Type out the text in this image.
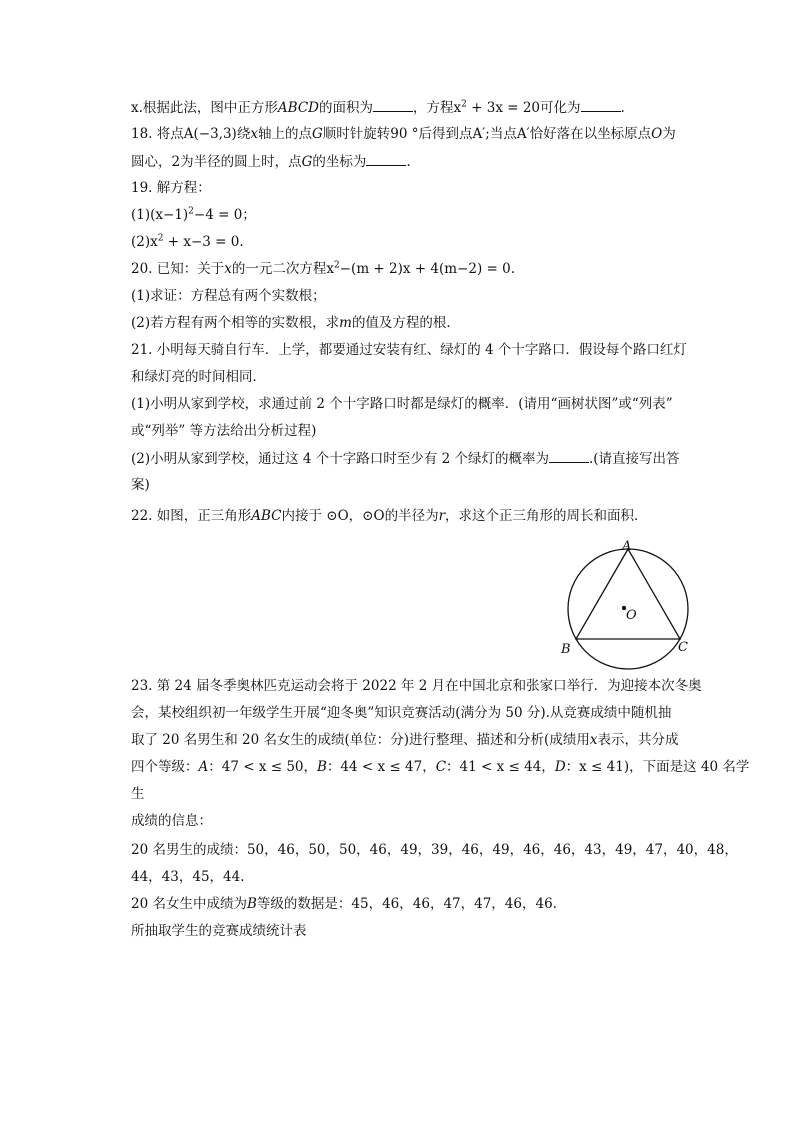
x.根据此法，图中正方形ABCD的面积为	，方程$x^2 + 3x = 20$可化为	.
18. 将点A(−3,3)绕x轴上的点G顺时针旋转90 °后得到点A′;当点A′恰好落在以坐标原点O为
圆心，2为半径的圆上时，点G的坐标为	.
19. 解方程：
$(1)(x-1)^2-4 = 0$；
$(2)x^2 + x-3 = 0$.
20. 已知：关于x的一元二次方程$x^2-(m + 2)x + 4(m-2) = 0$.
(1)求证：方程总有两个实数根；
(2)若方程有两个相等的实数根，求m的值及方程的根．
21. 小明每天骑自行车．上学，都要通过安装有红、绿灯的 4 个十字路口．假设每个路口红灯
和绿灯亮的时间相同．
(1)小明从家到学校，求通过前 2 个十字路口时都是绿灯的概率．(请用“画树状图”或“列表”
或“列举” 等方法给出分析过程)
(2)小明从家到学校，通过这 4 个十字路口时至少有 2 个绿灯的概率为	.(请直接写出答
案)
22. 如图，正三角形ABC内接于 ⊙O，⊙O的半径为r，求这个正三角形的周长和面积．
A
B	C
O
23. 第 24 届冬季奥林匹克运动会将于 2022 年 2 月在中国北京和张家口举行．为迎接本次冬奥
会，某校组织初一年级学生开展“迎冬奥”知识竞赛活动(满分为 50 分).从竞赛成绩中随机抽
取了 20 名男生和 20 名女生的成绩(单位：分)进行整理、描述和分析(成绩用x表示，共分成
四个等级：A：47 < x ≤ 50，B：44 < x ≤ 47，C：41 < x ≤ 44，D：x ≤ 41)，下面是这 40 名学
生
成绩的信息：
20 名男生的成绩：50，46，50，50，46，49，39，46，49，46，46，43，49，47，40，48，
44，43，45，44.
20 名女生中成绩为B等级的数据是：45，46，46，47，47，46，46.
所抽取学生的竞赛成绩统计表
